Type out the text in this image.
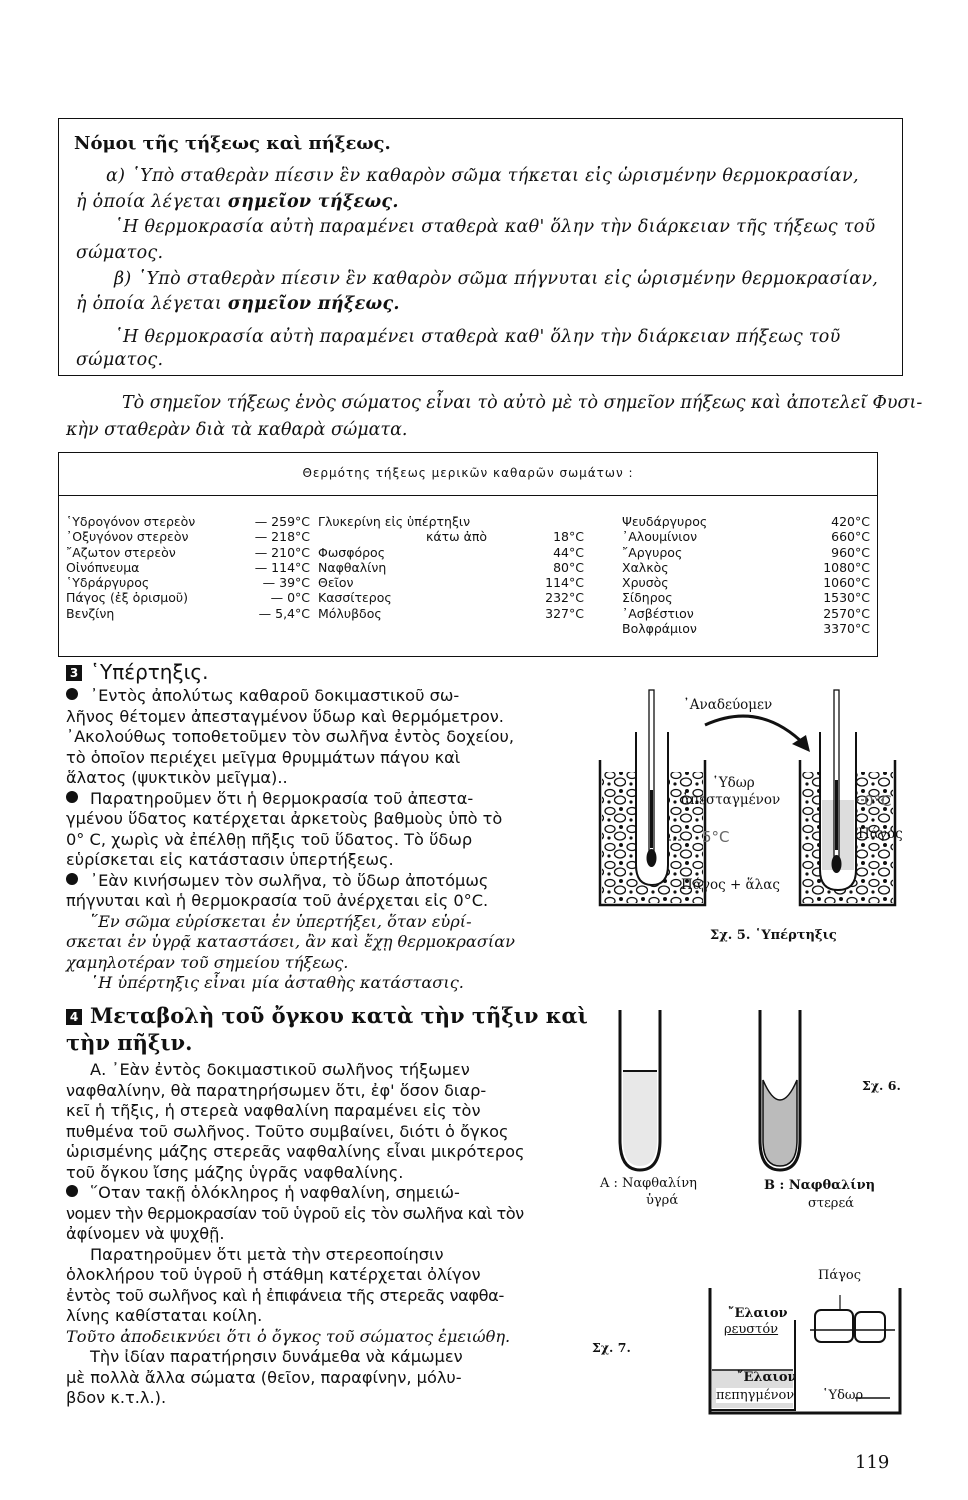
Νόμοι τῆς τήξεως καὶ πήξεως.
α) ῾Υπὸ σταθερὰν πίεσιν ἓν καθαρὸν σῶμα τήκεται εἰς ὡρισμένην θερμοκρασίαν,
ἡ ὁποία λέγεται σημεῖον τήξεως.
῾Η θερμοκρασία αὐτὴ παραμένει σταθερὰ καθ' ὅλην τὴν διάρκειαν τῆς τήξεως τοῦ
σώματος.
β) ῾Υπὸ σταθερὰν πίεσιν ἓν καθαρὸν σῶμα πήγνυται εἰς ὡρισμένην θερμοκρασίαν,
ἡ ὁποία λέγεται σημεῖον πήξεως.
῾Η θερμοκρασία αὐτὴ παραμένει σταθερὰ καθ' ὅλην τὴν διάρκειαν πήξεως τοῦ
σώματος.
Τὸ σημεῖον τήξεως ἑνὸς σώματος εἶναι τὸ αὐτὸ μὲ τὸ σημεῖον πήξεως καὶ ἀποτελεῖ Φυσι-
κὴν σταθερὰν διὰ τὰ καθαρὰ σώματα.
Θερμότης τήξεως μερικῶν καθαρῶν σωμάτων :
῾Υδρογόνον στερεὸν
᾿Οξυγόνον στερεὸν
῎Αζωτον στερεὸν
Οἰνόπνευμα
῾Υδράργυρος
Πάγος (ἐξ ὁρισμοῦ)
Βενζίνη
— 259°C
— 218°C
— 210°C
— 114°C
— 39°C
— 0°C
— 5,4°C
Γλυκερίνη εἰς ὑπέρτηξιν
κάτω ἀπὸ
Φωσφόρος
Ναφθαλίνη
Θεῖον
Κασσίτερος
Μόλυβδος
18°C
44°C
80°C
114°C
232°C
327°C
Ψευδάργυρος
᾿Αλουμίνιον
῎Αργυρος
Χαλκὸς
Χρυσὸς
Σίδηρος
᾿Ασβέστιον
Βολφράμιον
420°C
660°C
960°C
1080°C
1060°C
1530°C
2570°C
3370°C
3 ῾Υπέρτηξις.
᾿Εντὸς ἀπολύτως καθαροῦ δοκιμαστικοῦ σω-
λῆνος θέτομεν ἀπεσταγμένον ὕδωρ καὶ θερμόμετρον.
᾿Ακολούθως τοποθετοῦμεν τὸν σωλῆνα ἐντὸς δοχείου,
τὸ ὁποῖον περιέχει μεῖγμα θρυμμάτων πάγου καὶ
ἅλατος (ψυκτικὸν μεῖγμα)..
Παρατηροῦμεν ὅτι ἡ θερμοκρασία τοῦ ἀπεστα-
γμένου ὕδατος κατέρχεται ἀρκετοὺς βαθμοὺς ὑπὸ τὸ
0° C, χωρὶς νὰ ἐπέλθῃ πῆξις τοῦ ὕδατος. Τὸ ὕδωρ
εὑρίσκεται εἰς κατάστασιν ὑπερτήξεως.
᾿Εὰν κινήσωμεν τὸν σωλῆνα, τὸ ὕδωρ ἀποτόμως
πήγνυται καὶ ἡ θερμοκρασία τοῦ ἀνέρχεται εἰς 0°C.
῞Εν σῶμα εὑρίσκεται ἐν ὑπερτήξει, ὅταν εὑρί-
σκεται ἐν ὑγρᾷ καταστάσει, ἂν καὶ ἔχῃ θερμοκρασίαν
χαμηλοτέραν τοῦ σημείου τήξεως.
῾Η ὑπέρτηξις εἶναι μία ἀσταθὴς κατάστασις.
4 Μεταβολὴ τοῦ ὄγκου κατὰ τὴν τῆξιν καὶ
τὴν πῆξιν.
Α. ᾿Εὰν ἐντὸς δοκιμαστικοῦ σωλῆνος τήξωμεν
ναφθαλίνην, θὰ παρατηρήσωμεν ὅτι, ἐφ' ὅσον διαρ-
κεῖ ἡ τῆξις, ἡ στερεὰ ναφθαλίνη παραμένει εἰς τὸν
πυθμένα τοῦ σωλῆνος. Τοῦτο συμβαίνει, διότι ὁ ὄγκος
ὡρισμένης μάζης στερεᾶς ναφθαλίνης εἶναι μικρότερος
τοῦ ὄγκου ἴσης μάζης ὑγρᾶς ναφθαλίνης.
῞Οταν τακῇ ὁλόκληρος ἡ ναφθαλίνη, σημειώ-
νομεν τὴν θερμοκρασίαν τοῦ ὑγροῦ εἰς τὸν σωλῆνα καὶ τὸν
ἀφίνομεν νὰ ψυχθῇ.
Παρατηροῦμεν ὅτι μετὰ τὴν στερεοποίησιν
ὁλοκλήρου τοῦ ὑγροῦ ἡ στάθμη κατέρχεται ὀλίγον
ἐντὸς τοῦ σωλῆνος καὶ ἡ ἐπιφάνεια τῆς στερεᾶς ναφθα-
λίνης καθίσταται κοίλη.
Τοῦτο ἀποδεικνύει ὅτι ὁ ὄγκος τοῦ σώματος ἐμειώθη.
Τὴν ἰδίαν παρατήρησιν δυνάμεθα νὰ κάμωμεν
μὲ πολλὰ ἄλλα σώματα (θεῖον, παραφίνην, μόλυ-
βδον κ.τ.λ.).
᾿Αναδεύομεν
῾Υδωρ
ἀπεσταγμένον	0°C
5°C	Πάγος
Πάγος + ἅλας
Σχ. 5. ῾Υπέρτηξις
Σχ. 6.
Α : Ναφθαλίνη
ὑγρά
Β : Ναφθαλίνη
στερεά
Πάγος
῎Ελαιον
ρευστόν
῎Ελαιον
πεπηγμένον ῾Υδωρ
Σχ. 7.
119
